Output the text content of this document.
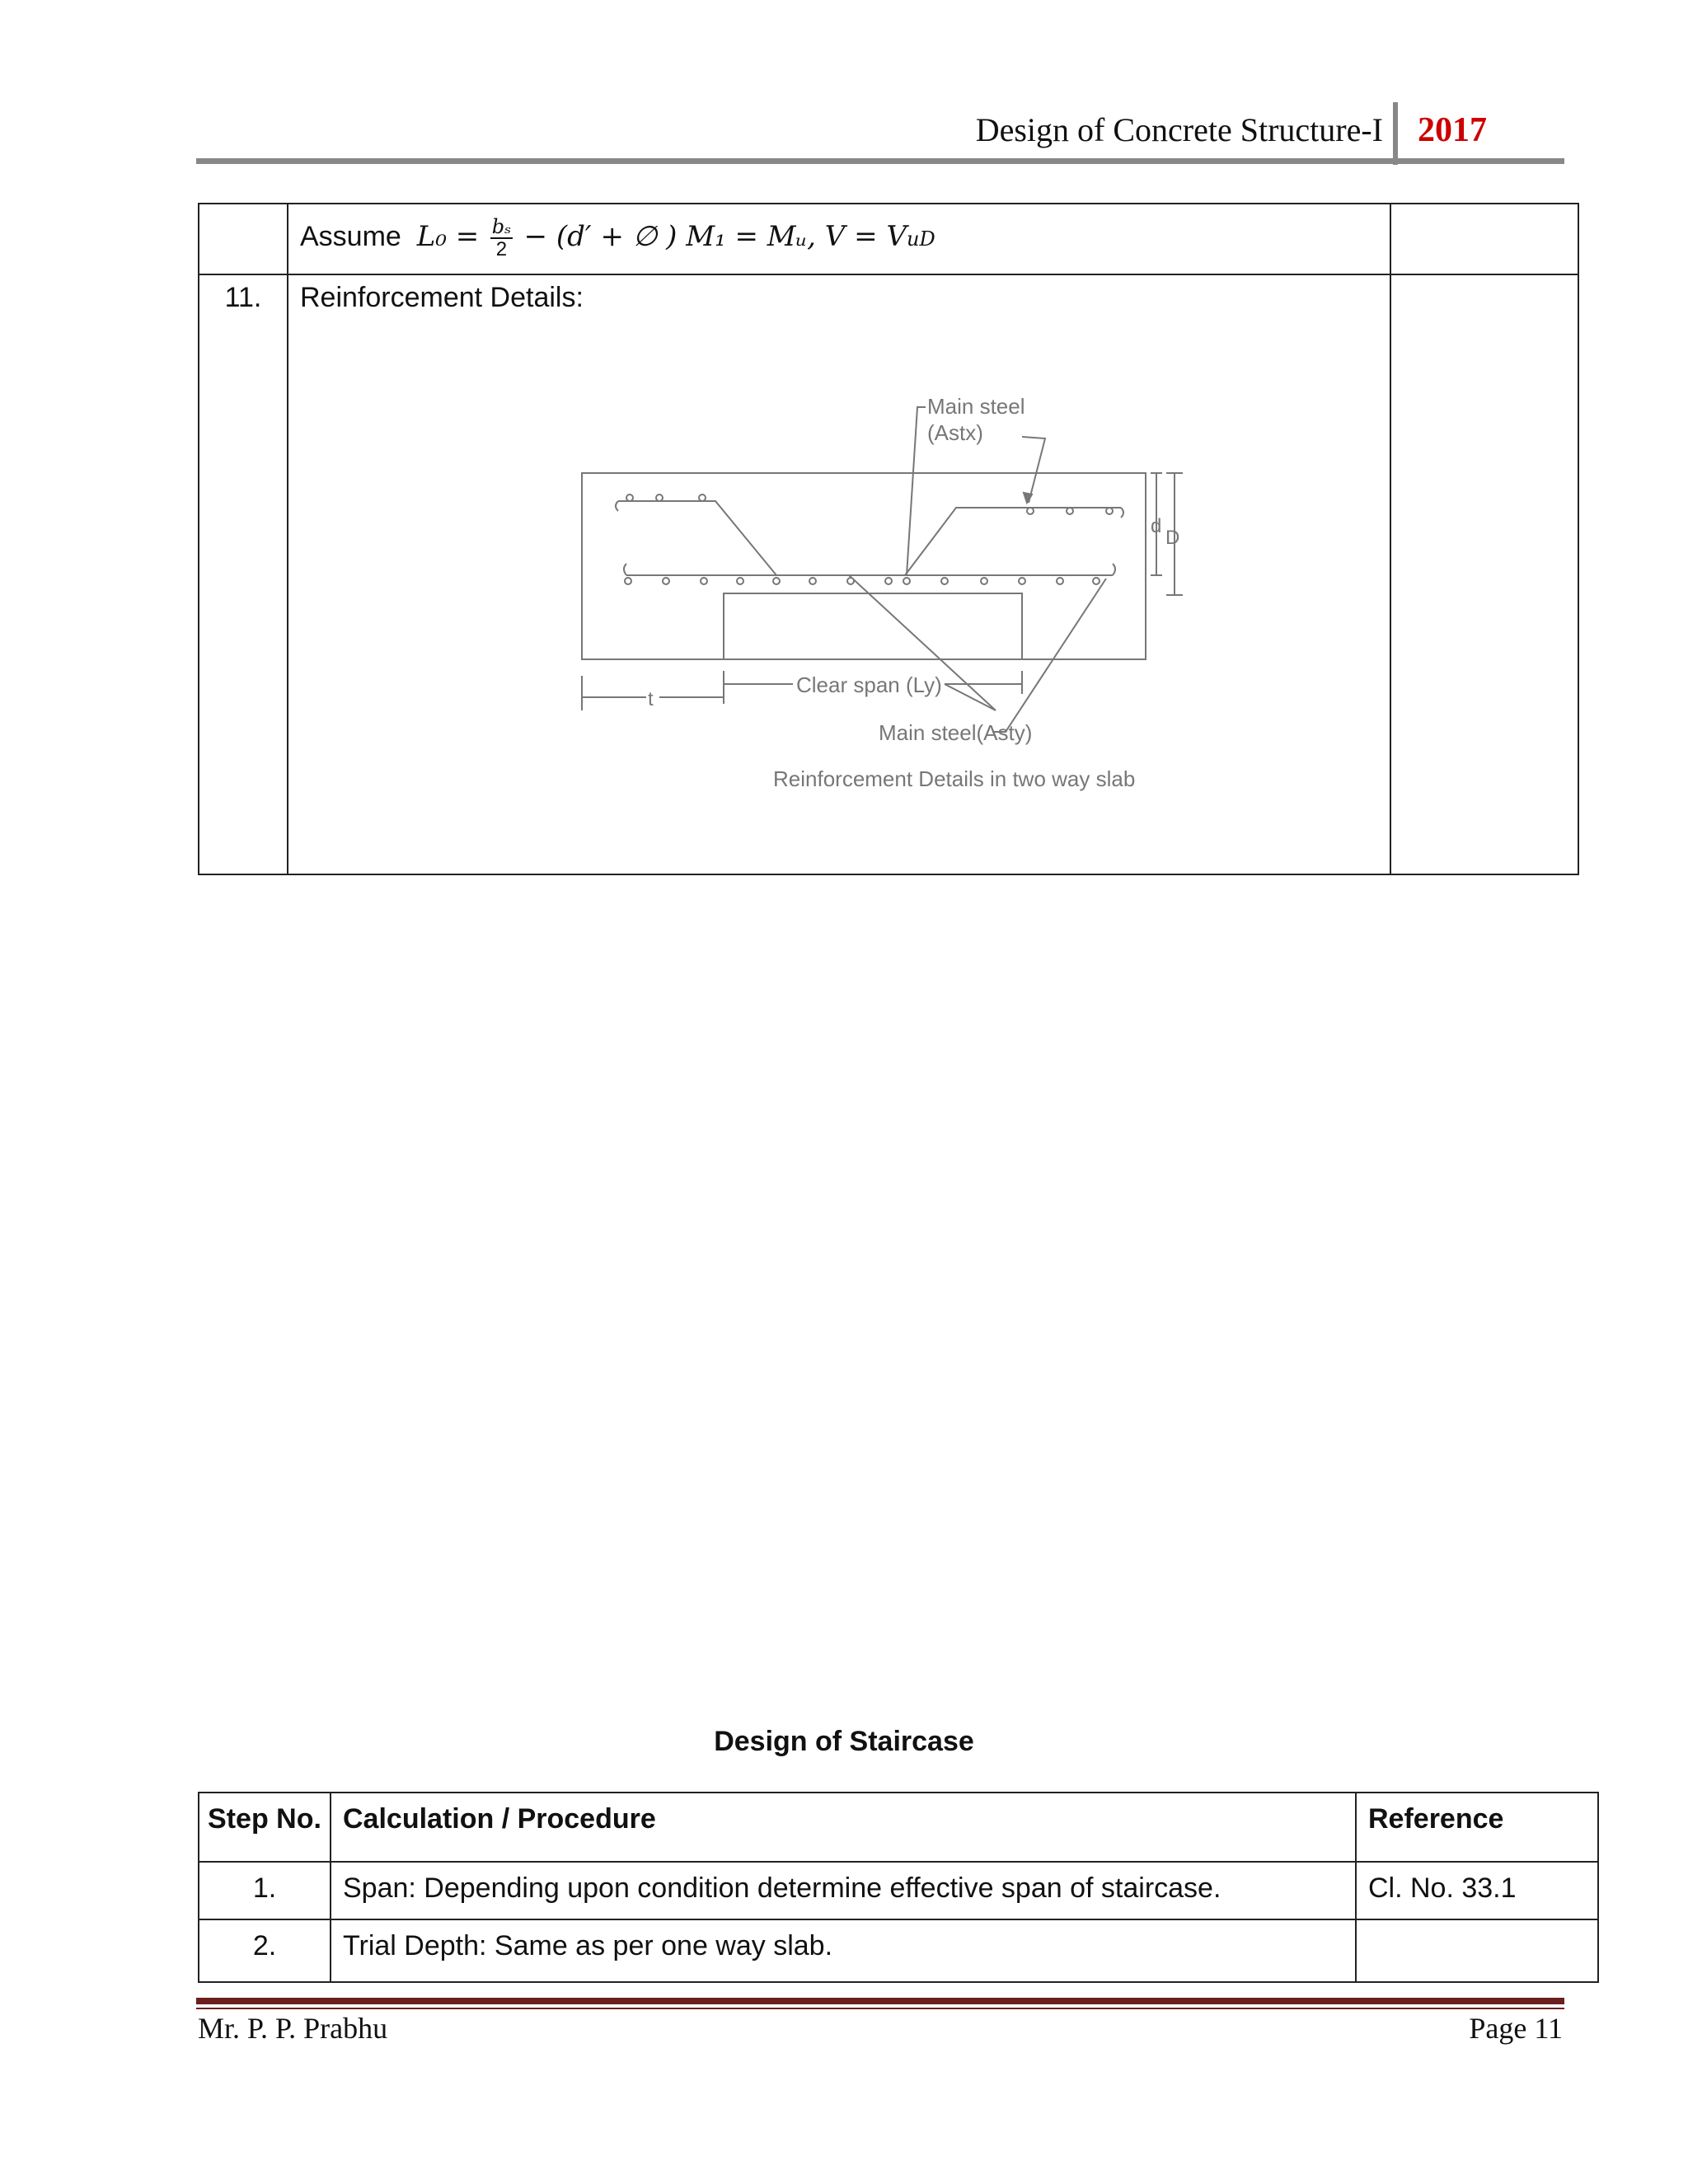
Design of Concrete Structure-I 2017

	Assume $L_0 = \frac{\text{bₛ}}{2} - (d'$ + ∅ ) M₁ = Mᵤ, V = VuD	

11.	Reinforcement Details:	

Main steel
(Astx)
d
D
Clear span (Ly)
t
Main steel(Asty)
Reinforcement Details in two way slab
Design of Staircase
Step No.	Calculation / Procedure	Reference
1.	Span: Depending upon condition determine effective span of staircase.	Cl. No. 33.1
2.	Trial Depth: Same as per one way slab.	
Mr. P. P. Prabhu	Page 11
